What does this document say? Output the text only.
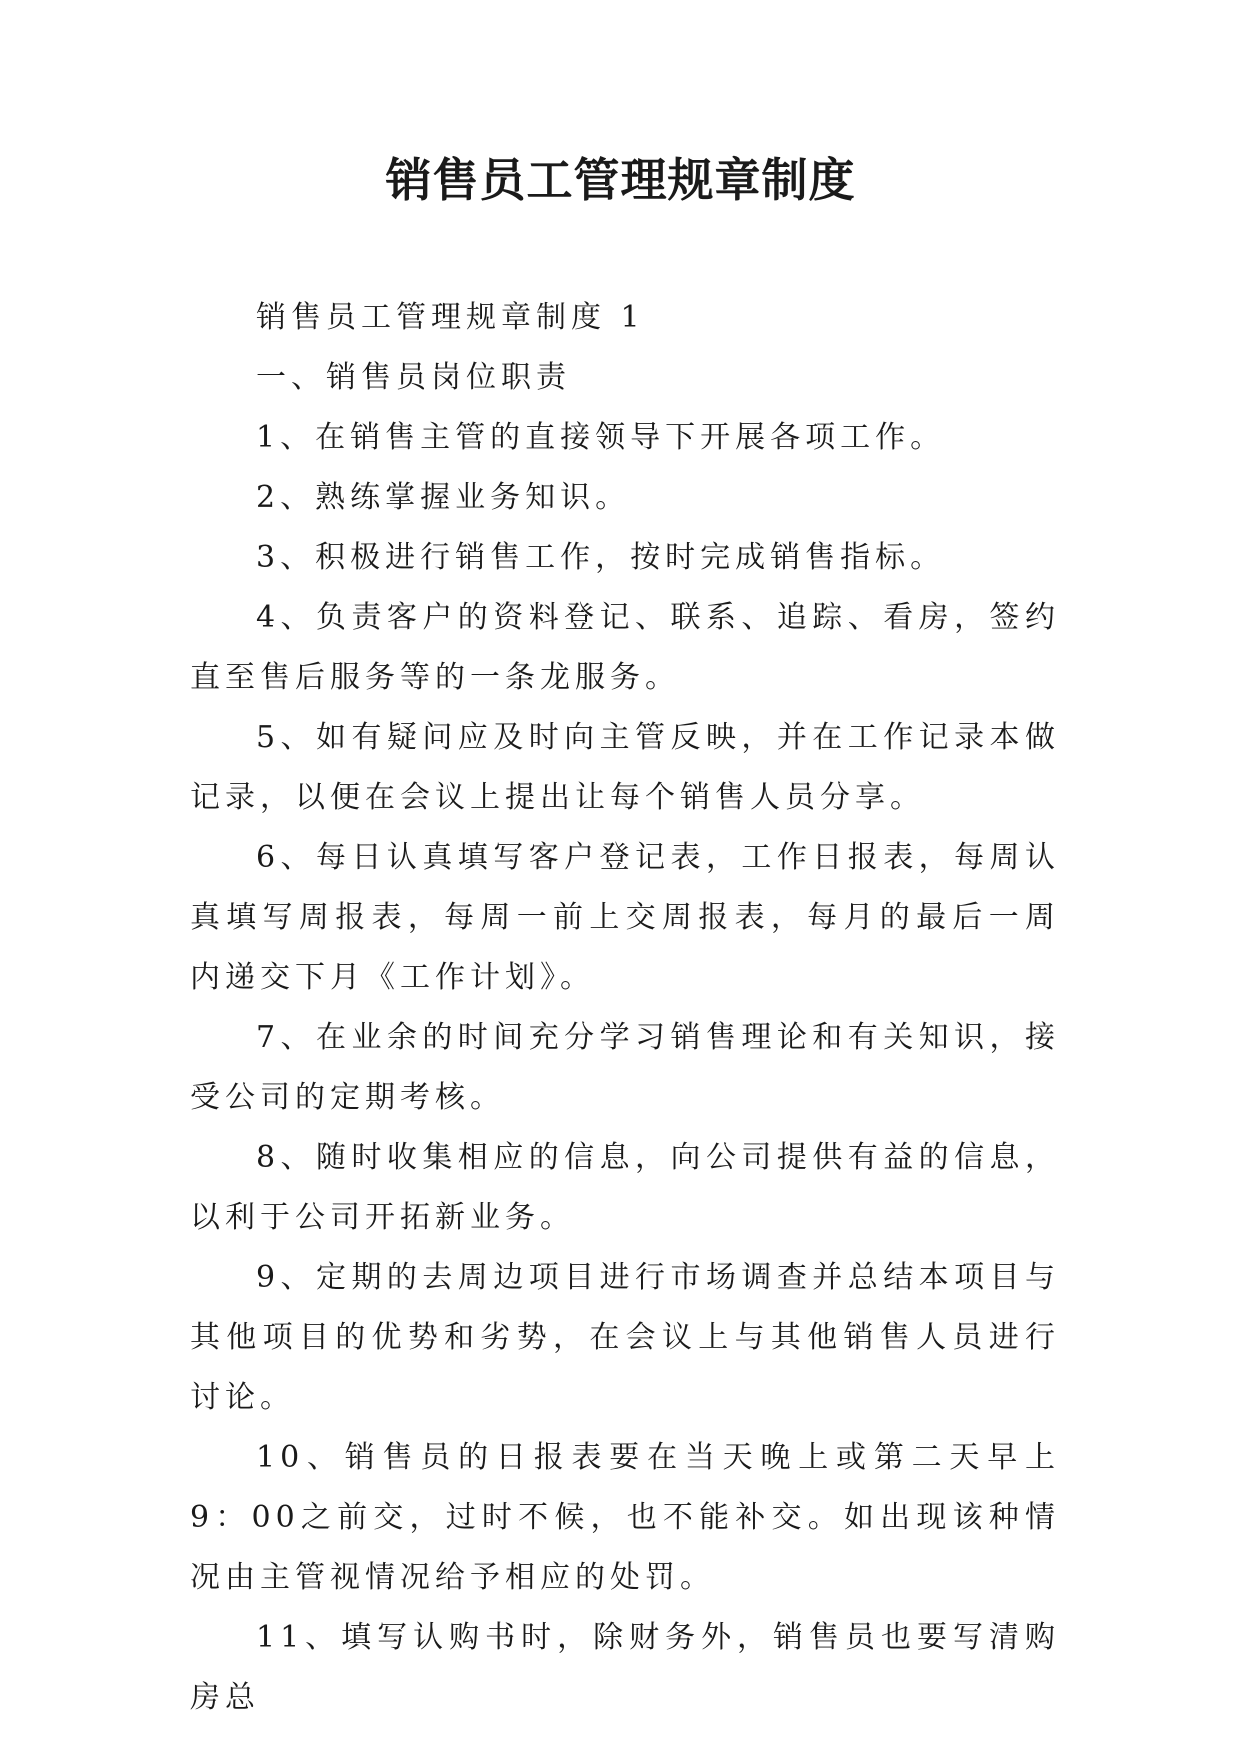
销售员工管理规章制度

销售员工管理规章制度 1

一、销售员岗位职责

1、在销售主管的直接领导下开展各项工作。

2、熟练掌握业务知识。

3、积极进行销售工作，按时完成销售指标。

4、负责客户的资料登记、联系、追踪、看房，签约直至售后服务等的一条龙服务。

5、如有疑问应及时向主管反映，并在工作记录本做记录，以便在会议上提出让每个销售人员分享。

6、每日认真填写客户登记表，工作日报表，每周认真填写周报表，每周一前上交周报表，每月的最后一周内递交下月《工作计划》。

7、在业余的时间充分学习销售理论和有关知识，接受公司的定期考核。

8、随时收集相应的信息，向公司提供有益的信息，以利于公司开拓新业务。

9、定期的去周边项目进行市场调查并总结本项目与其他项目的优势和劣势，在会议上与其他销售人员进行讨论。

10、销售员的日报表要在当天晚上或第二天早上 9：00之前交，过时不候，也不能补交。如出现该种情况由主管视情况给予相应的处罚。

11、填写认购书时，除财务外，销售员也要写清购房总
